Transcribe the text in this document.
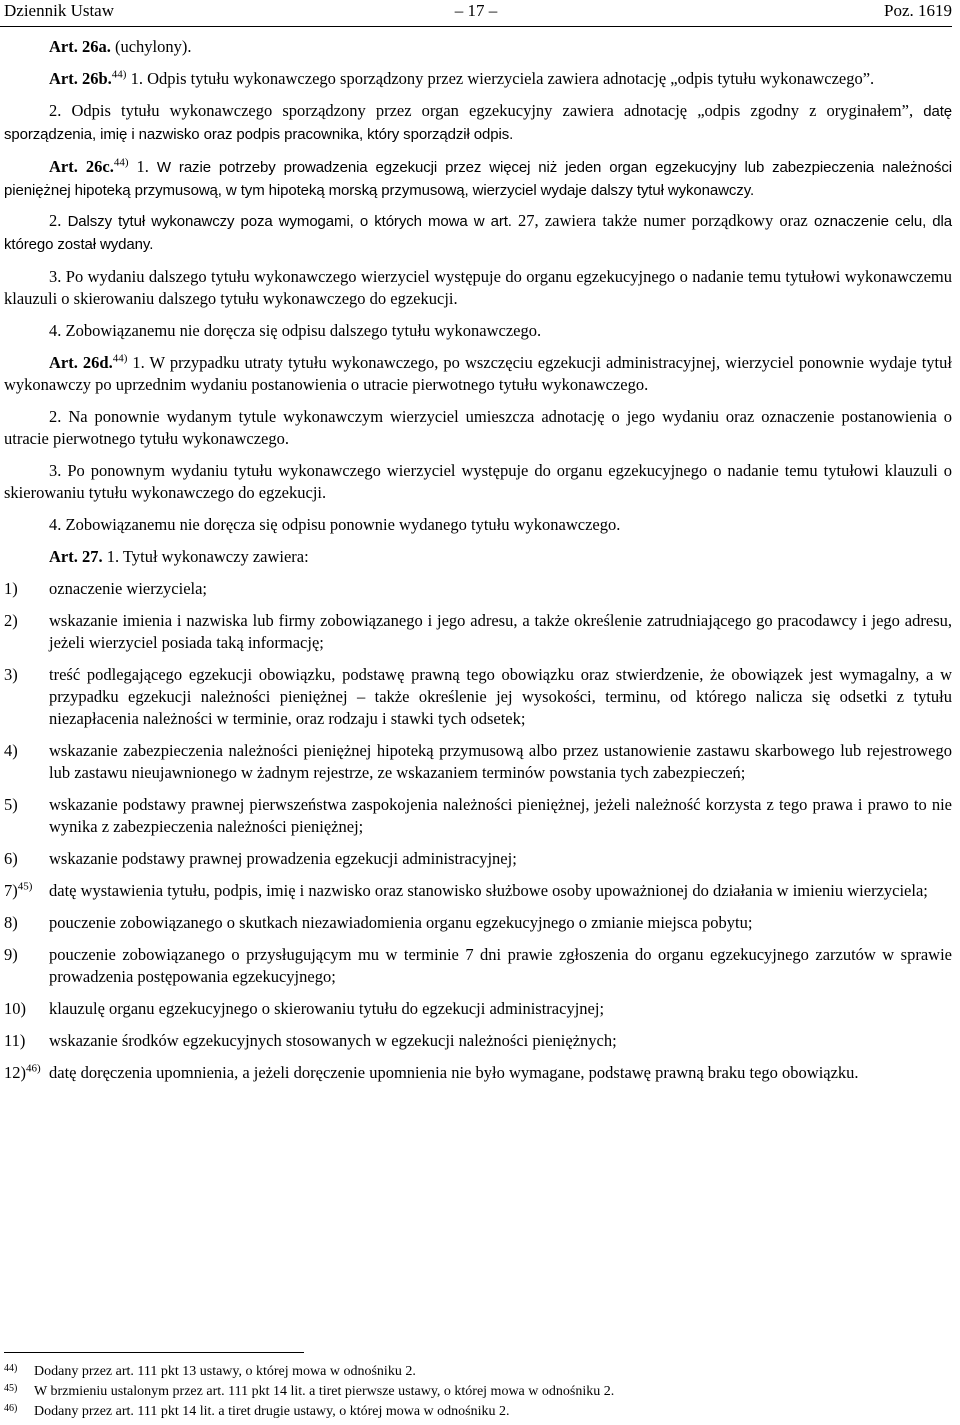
Dziennik Ustaw	– 17 –	Poz. 1619

Art. 26a. (uchylony).

Art. 26b.$^{44)}$ 1. Odpis tytułu wykonawczego sporządzony przez wierzyciela zawiera adnotację „odpis tytułu wykonawczego”.

2. Odpis tytułu wykonawczego sporządzony przez organ egzekucyjny zawiera adnotację „odpis zgodny z oryginałem”, datę sporządzenia, imię i nazwisko oraz podpis pracownika, który sporządził odpis.

Art. 26c.$^{44)}$ 1. W razie potrzeby prowadzenia egzekucji przez więcej niż jeden organ egzekucyjny lub zabezpieczenia należności pieniężnej hipoteką przymusową, w tym hipoteką morską przymusową, wierzyciel wydaje dalszy tytuł wykonawczy.

2. Dalszy tytuł wykonawczy poza wymogami, o których mowa w art. 27, zawiera także numer porządkowy oraz oznaczenie celu, dla którego został wydany.

3. Po wydaniu dalszego tytułu wykonawczego wierzyciel występuje do organu egzekucyjnego o nadanie temu tytułowi wykonawczemu klauzuli o skierowaniu dalszego tytułu wykonawczego do egzekucji.

4. Zobowiązanemu nie doręcza się odpisu dalszego tytułu wykonawczego.

Art. 26d.$^{44)}$ 1. W przypadku utraty tytułu wykonawczego, po wszczęciu egzekucji administracyjnej, wierzyciel ponownie wydaje tytuł wykonawczy po uprzednim wydaniu postanowienia o utracie pierwotnego tytułu wykonawczego.

2. Na ponownie wydanym tytule wykonawczym wierzyciel umieszcza adnotację o jego wydaniu oraz oznaczenie postanowienia o utracie pierwotnego tytułu wykonawczego.

3. Po ponownym wydaniu tytułu wykonawczego wierzyciel występuje do organu egzekucyjnego o nadanie temu tytułowi klauzuli o skierowaniu tytułu wykonawczego do egzekucji.

4. Zobowiązanemu nie doręcza się odpisu ponownie wydanego tytułu wykonawczego.

Art. 27. 1. Tytuł wykonawczy zawiera:

1)	oznaczenie wierzyciela;
2)	wskazanie imienia i nazwiska lub firmy zobowiązanego i jego adresu, a także określenie zatrudniającego go pracodawcy i jego adresu, jeżeli wierzyciel posiada taką informację;
3)	treść podlegającego egzekucji obowiązku, podstawę prawną tego obowiązku oraz stwierdzenie, że obowiązek jest wymagalny, a w przypadku egzekucji należności pieniężnej – także określenie jej wysokości, terminu, od którego nalicza się odsetki z tytułu niezapłacenia należności w terminie, oraz rodzaju i stawki tych odsetek;
4)	wskazanie zabezpieczenia należności pieniężnej hipoteką przymusową albo przez ustanowienie zastawu skarbowego lub rejestrowego lub zastawu nieujawnionego w żadnym rejestrze, ze wskazaniem terminów powstania tych zabezpieczeń;
5)	wskazanie podstawy prawnej pierwszeństwa zaspokojenia należności pieniężnej, jeżeli należność korzysta z tego prawa i prawo to nie wynika z zabezpieczenia należności pieniężnej;
6)	wskazanie podstawy prawnej prowadzenia egzekucji administracyjnej;
7)$^{45)}$	datę wystawienia tytułu, podpis, imię i nazwisko oraz stanowisko służbowe osoby upoważnionej do działania w imieniu wierzyciela;
8)	pouczenie zobowiązanego o skutkach niezawiadomienia organu egzekucyjnego o zmianie miejsca pobytu;
9)	pouczenie zobowiązanego o przysługującym mu w terminie 7 dni prawie zgłoszenia do organu egzekucyjnego zarzutów w sprawie prowadzenia postępowania egzekucyjnego;
10)	klauzulę organu egzekucyjnego o skierowaniu tytułu do egzekucji administracyjnej;
11)	wskazanie środków egzekucyjnych stosowanych w egzekucji należności pieniężnych;
12)$^{46)}$ datę doręczenia upomnienia, a jeżeli doręczenie upomnienia nie było wymagane, podstawę prawną braku tego obowiązku.
44)	Dodany przez art. 111 pkt 13 ustawy, o której mowa w odnośniku 2.
45)	W brzmieniu ustalonym przez art. 111 pkt 14 lit. a tiret pierwsze ustawy, o której mowa w odnośniku 2.
46)	Dodany przez art. 111 pkt 14 lit. a tiret drugie ustawy, o której mowa w odnośniku 2.
